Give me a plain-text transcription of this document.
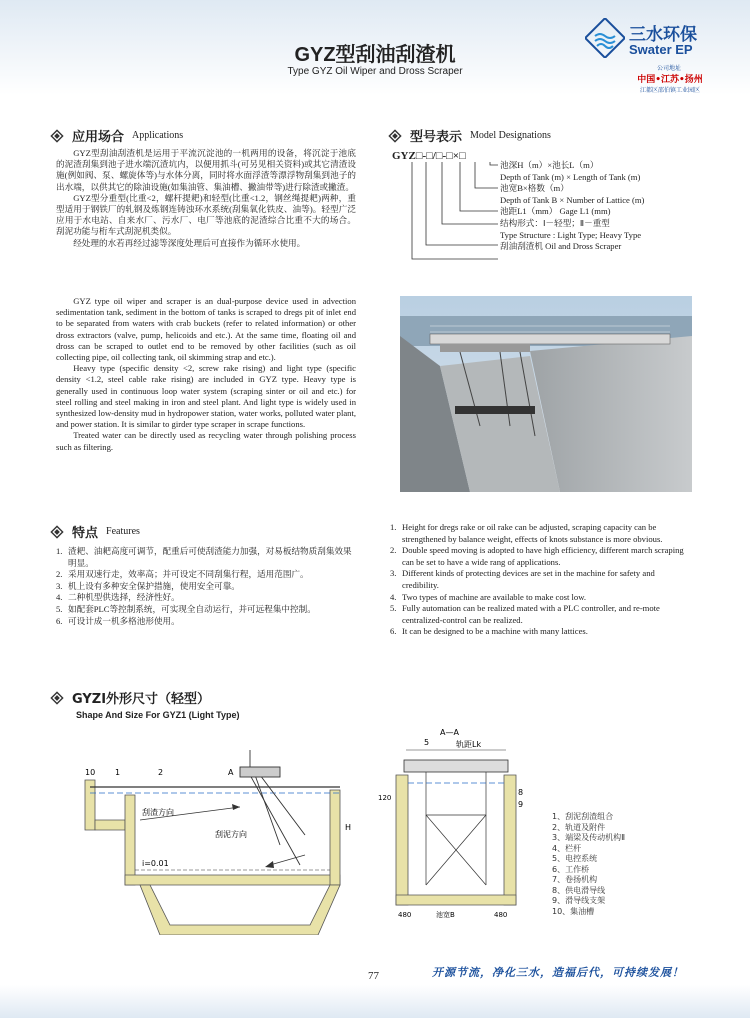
GYZ型刮油刮渣机
Type GYZ Oil Wiper and Dross Scraper
三水环保
Swater EP
公司地址
中国•江苏•扬州
江都区邵伯镇工业园区
应用场合 Applications

GYZ型刮油刮渣机是运用于平流沉淀池的一机两用的设备，将沉淀于池底的泥渣刮集到池子进水端沉渣坑内，以便用抓斗(可另见相关资料)或其它清渣设施(例如阀、泵、螺旋体等)与水体分离，同时将水面浮渣等漂浮物刮集到池子的出水端，以供其它的除油设施(如集油管、集油槽、撇油带等)进行除渣或撇渣。

GYZ型分重型(比重<2，螺杆提耙)和轻型(比重<1.2，钢丝绳提耙)两种，重型适用于钢铁厂的轧钢及炼钢连铸浊环水系统(刮集氧化铁皮、油等)。轻型广泛应用于水电站、自来水厂、污水厂、电厂等池底的泥渣综合比重不大的场合。刮泥功能与桁车式刮泥机类似。

经处理的水若再经过滤等深度处理后可直接作为循环水使用。

GYZ type oil wiper and scraper is an dual-purpose device used in advection sedimentation tank, sediment in the bottom of tanks is scraped to dregs pit of inlet end to be separated from waters with crab buckets (refer to related information) or other dross extractors (valve, pump, helicoids and etc.). At the same time, floating oil and dross can be scraped to outlet end to be removed by other facilities (such as oil collecting pipe, oil collecting tank, oil skimming strap and etc.).

Heavy type (specific density <2, screw rake rising) and light type (specific density <1.2, steel cable rake rising) are included in GYZ type. Heavy type is generally used in continuous loop water system (scraping sinter or oil and etc.) for steel rolling and steel making in iron and steel plant. And light type is widely used in synthesized low-density mud in hydropower station, water works, polluted water plant, and power station. It is similar to girder type scraper in scrape functions.

Treated water can be directly used as recycling water through polishing process such as filtering.

型号表示 Model Designations
GYZ□-□/□-□×□
池深H（m）×池长L（m）
Depth of Tank (m) × Length of Tank (m)
池宽B×格数（m）
Depth of Tank B × Number of Lattice (m)
池距L1（mm） Gage L1 (mm)
结构形式：Ⅰ－轻型；Ⅱ－重型
Type Structure : Light Type; Heavy Type
刮油刮渣机 Oil and Dross Scraper
特点 Features
1. 渣耙、油耙高度可调节，配重后可使刮渣能力加强，对易板结物质刮集效果明显。
2. 采用双速行走，效率高；并可设定不同刮集行程，适用范围广。
3. 机上设有多种安全保护措施，使用安全可靠。
4. 二种机型供选择，经济性好。
5. 如配套PLC等控制系统，可实现全自动运行，并可远程集中控制。
6. 可设计成一机多格池形使用。
1. Height for dregs rake or oil rake can be adjusted, scraping capacity can be strengthened by balance weight, effects of knots substance is more obvious.
2. Double speed moving is adopted to have high efficiency, different march scraping can be set to have a wide rang of applications.
3. Different kinds of protecting devices are set in the machine for safety and credibility.
4. Two types of machine are available to make cost low.
5. Fully automation can be realized mated with a PLC controller, and re-mote centralized-control can be realized.
6. It can be designed to be a machine with many lattices.
GYZⅠ外形尺寸（轻型）
Shape And Size For GYZ1 (Light Type)
10 1	2	A
刮渣方向
刮泥方向
i=0.01
H
A—A
5	轨距Lk
120
480	池宽B	480
8
9
1、刮泥刮渣组合
2、轨道及附件
3、端梁及传动机构Ⅱ
4、栏杆
5、电控系统
6、工作桥
7、卷扬机构
8、供电滑导线
9、滑导线支架
10、集油槽
77	开源节流，净化三水，造福后代，可持续发展！
